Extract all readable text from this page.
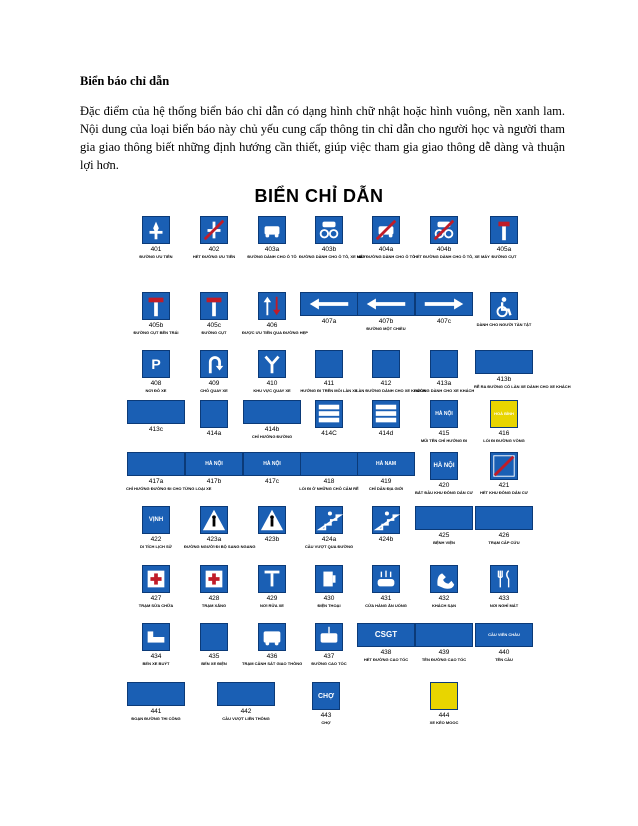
Biển báo chỉ dẫn
Đặc điểm của hệ thống biển báo chỉ dẫn có dạng hình chữ nhật hoặc hình vuông, nền xanh lam. Nội dung của loại biển báo này chủ yếu cung cấp thông tin chỉ dẫn cho người học và người tham gia giao thông biết những định hướng cần thiết, giúp việc tham gia giao thông dễ dàng và thuận lợi hơn.
BIỂN CHỈ DẪN
401
ĐƯỜNG ƯU TIÊN
402
HẾT ĐƯỜNG ƯU TIÊN
403a
ĐƯỜNG DÀNH CHO Ô TÔ
403b
ĐƯỜNG DÀNH CHO Ô TÔ, XE MÁY
404a
HẾT ĐƯỜNG DÀNH CHO Ô TÔ
404b
HẾT ĐƯỜNG DÀNH CHO Ô TÔ, XE MÁY
405a
ĐƯỜNG CỤT
405b
ĐƯỜNG CỤT BÊN TRÁI
405c
ĐƯỜNG CỤT
406
ĐƯỢC ƯU TIÊN QUA ĐƯỜNG HẸP
407a	407b
ĐƯỜNG MỘT CHIỀU
407c	DÀNH CHO NGƯỜI TÀN TẬT
P
408
NƠI ĐỖ XE
409
CHỖ QUAY XE
410
KHU VỰC QUAY XE
411
HƯỚNG ĐI TRÊN MỖI LÀN XE
412
LÀN ĐƯỜNG DÀNH CHO XE KHÁCH
413a
ĐƯỜNG DÀNH CHO XE KHÁCH
413b
RẼ RA ĐƯỜNG CÓ LÀN XE DÀNH CHO XE KHÁCH
413c
414a
414b
CHỈ HƯỚNG ĐƯỜNG	414C	414d
HÀ NỘI
415
MŨI TÊN CHỈ HƯỚNG ĐI
HOÀ BÌNH
416
LỐI ĐI ĐƯỜNG VÒNG
417a
CHỈ HƯỚNG ĐƯỜNG ĐI CHO TỪNG LOẠI XE
HÀ NỘI
417b
HÀ NỘI
417c	418
LỐI ĐI Ở NHỮNG CHỖ CẤM RẼ
HÀ NAM
419
CHỈ DẪN ĐỊA GIỚI
HÀ NỘI
420
BẮT ĐẦU KHU ĐÔNG DÂN CƯ
421
HẾT KHU ĐÔNG DÂN CƯ
VỊNH
422
DI TÍCH LỊCH SỬ
423a
ĐƯỜNG NGƯỜI ĐI BỘ SANG NGANG
423b	424a
CẦU VƯỢT QUA ĐƯỜNG
424b
425
BỆNH VIỆN
426
TRẠM CẤP CỨU
427
TRẠM SỬA CHỮA
428
TRẠM XĂNG
429
NƠI RỬA XE
430
ĐIỆN THOẠI
431
CỬA HÀNG ĂN UỐNG
432
KHÁCH SẠN
433
NƠI NGHỈ MÁT
434
BẾN XE BUÝT
435
BẾN XE ĐIỆN
436
TRẠM CẢNH SÁT GIAO THÔNG
437
ĐƯỜNG CAO TỐC
CSGT
438
HẾT ĐƯỜNG CAO TỐC
439
TÊN ĐƯỜNG CAO TỐC
CẦU VIÊN CHÂU
440
TÊN CẦU
441
ĐOẠN ĐƯỜNG THI CÔNG
442
CẦU VƯỢT LIÊN THÔNG
CHỢ
443
CHỢ
444
XE KÉO MOOC
